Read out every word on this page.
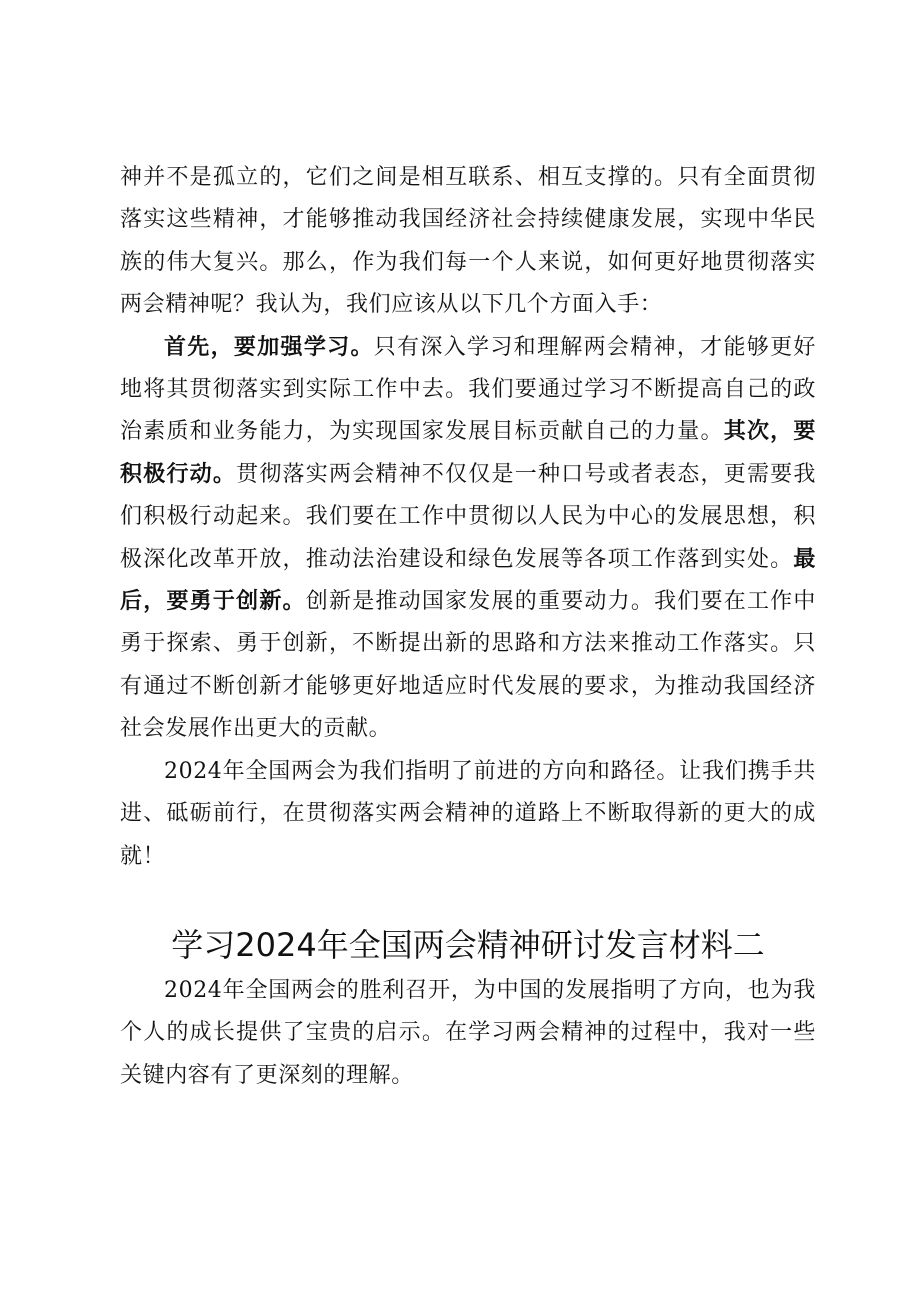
神并不是孤立的，它们之间是相互联系、相互支撑的。只有全面贯彻落实这些精神，才能够推动我国经济社会持续健康发展，实现中华民族的伟大复兴。那么，作为我们每一个人来说，如何更好地贯彻落实两会精神呢？我认为，我们应该从以下几个方面入手：

首先，要加强学习。只有深入学习和理解两会精神，才能够更好地将其贯彻落实到实际工作中去。我们要通过学习不断提高自己的政治素质和业务能力，为实现国家发展目标贡献自己的力量。其次，要积极行动。贯彻落实两会精神不仅仅是一种口号或者表态，更需要我们积极行动起来。我们要在工作中贯彻以人民为中心的发展思想，积极深化改革开放，推动法治建设和绿色发展等各项工作落到实处。最后，要勇于创新。创新是推动国家发展的重要动力。我们要在工作中勇于探索、勇于创新，不断提出新的思路和方法来推动工作落实。只有通过不断创新才能够更好地适应时代发展的要求，为推动我国经济社会发展作出更大的贡献。

2024年全国两会为我们指明了前进的方向和路径。让我们携手共进、砥砺前行，在贯彻落实两会精神的道路上不断取得新的更大的成就！

学习2024年全国两会精神研讨发言材料二

2024年全国两会的胜利召开，为中国的发展指明了方向，也为我个人的成长提供了宝贵的启示。在学习两会精神的过程中，我对一些关键内容有了更深刻的理解。
